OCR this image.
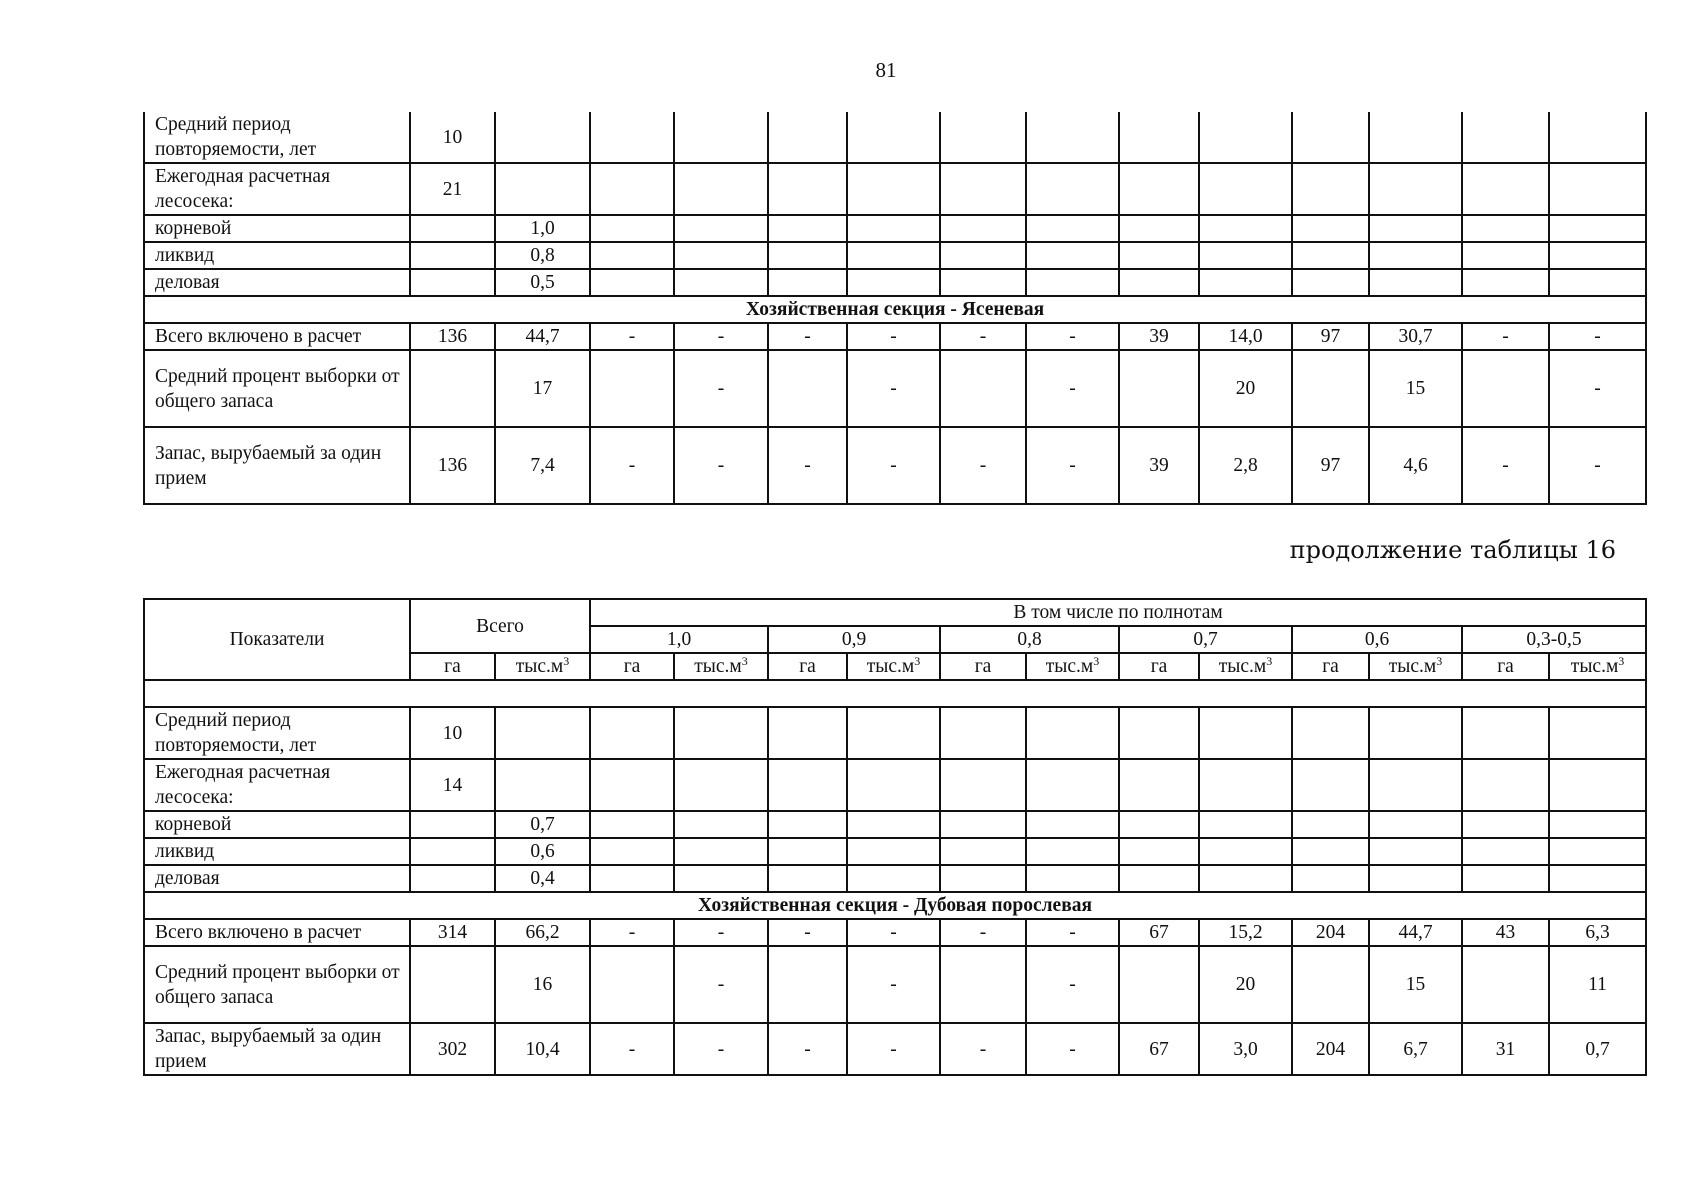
81
Средний период повторяемости, лет	10													
Ежегодная расчетная лесосека:	21													
корневой		1,0												
ликвид		0,8												
деловая		0,5												
Хозяйственная секция - Ясеневая														
Всего включено в расчет	136	44,7	-	-	-	-	-	-	39	14,0	97	30,7	-	-
Средний процент выборки от общего запаса		17		-		-		-		20		15		-
Запас, вырубаемый за один прием	136	7,4	-	-	-	-	-	-	39	2,8	97	4,6	-	-
продолжение таблицы 16
Показатели	Всего		В том числе по полнотам											
			1,0		0,9		0,8		0,7		0,6		0,3-0,5	
	га	$тыс.м^3$	га	$тыс.м^3$	га	$тыс.м^3$	га	$тыс.м^3$	га	$тыс.м^3$	га	$тыс.м^3$	га	$тыс.м^3$

Средний период повторяемости, лет	10													
Ежегодная расчетная лесосека:	14													
корневой		0,7												
ликвид		0,6												
деловая		0,4												
Хозяйственная секция - Дубовая порослевая														
Всего включено в расчет	314	66,2	-	-	-	-	-	-	67	15,2	204	44,7	43	6,3
Средний процент выборки от общего запаса		16		-		-		-		20		15		11
Запас, вырубаемый за один прием	302	10,4	-	-	-	-	-	-	67	3,0	204	6,7	31	0,7
